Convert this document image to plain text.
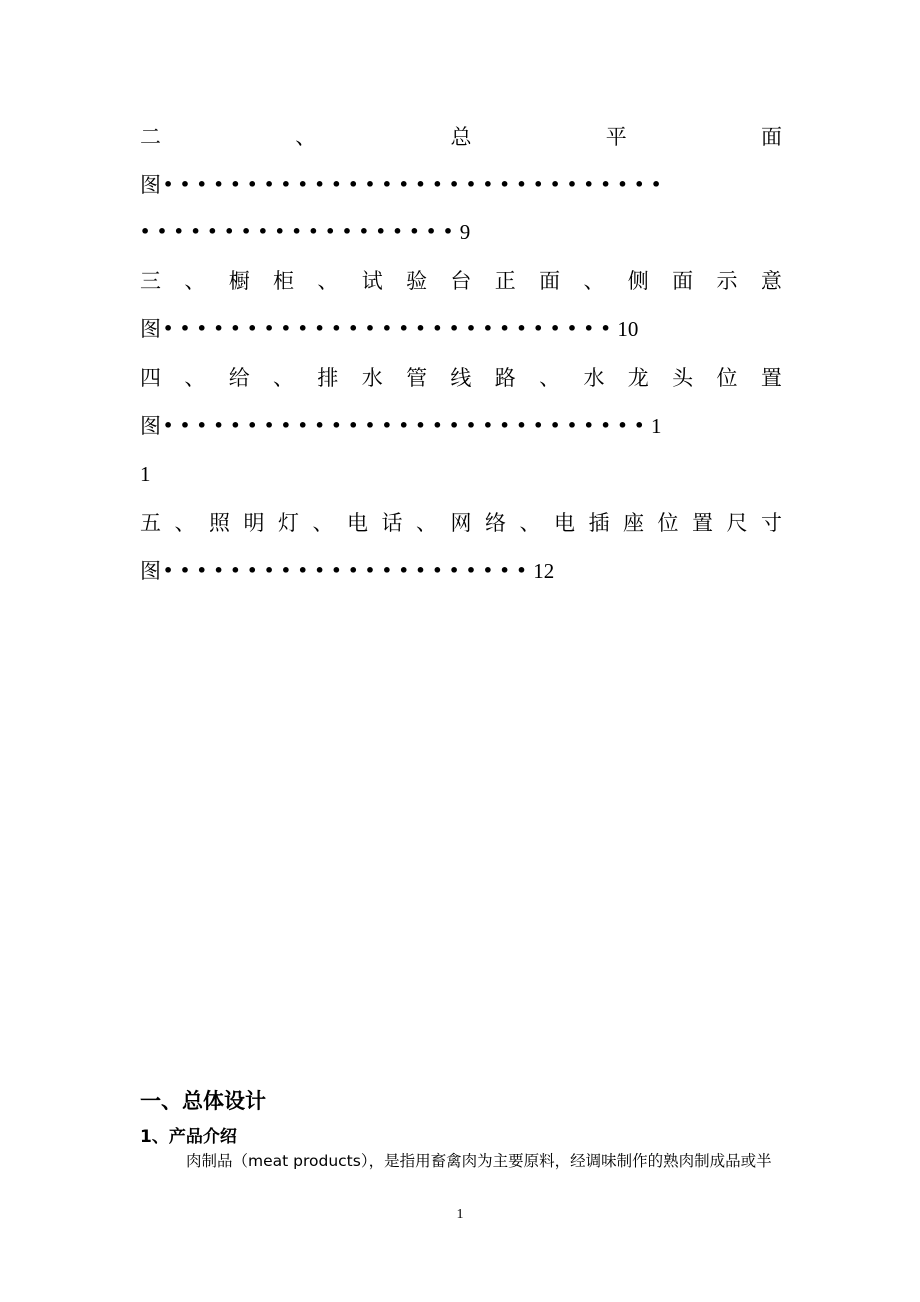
二	、	总	平	面
图 ••••••••••••••••••••••••••••••
••••••••••••••••••• 9
三 、 橱 柜 、 试 验 台 正 面 、 侧 面 示 意
图 ••••••••••••••••••••••••••• 10
四 、 给 、 排 水 管 线 路 、 水 龙 头 位 置
图 ••••••••••••••••••••••••••••• 1
1
五 、 照 明 灯 、 电 话 、 网 络 、 电 插 座 位 置 尺 寸
图 •••••••••••••••••••••• 12
一、总体设计
1、产品介绍
肉制品（meat products），是指用畜禽肉为主要原料，经调味制作的熟肉制成品或半
1
